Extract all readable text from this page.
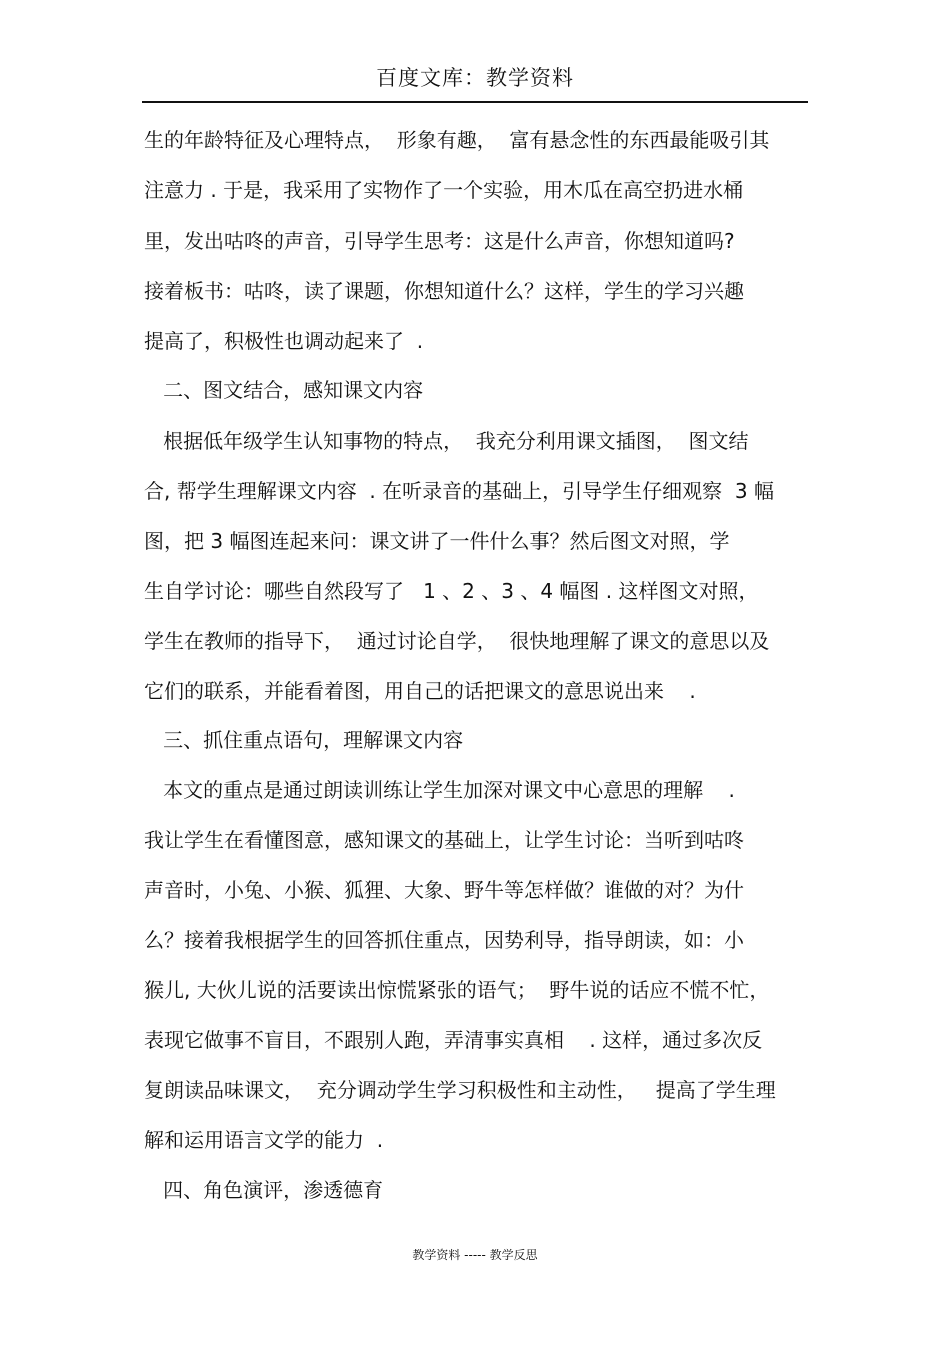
百度文库：教学资料
生的年龄特征及心理特点，  形象有趣，  富有悬念性的东西最能吸引其
注意力 . 于是，我采用了实物作了一个实验，用木瓜在高空扔进水桶
里，发出咕咚的声音，引导学生思考：这是什么声音，你想知道吗?
接着板书：咕咚，读了课题，你想知道什么？这样，学生的学习兴趣
提高了，积极性也调动起来了  .
二、图文结合，感知课文内容
根据低年级学生认知事物的特点，  我充分利用课文插图，  图文结
合, 帮学生理解课文内容  . 在听录音的基础上，引导学生仔细观察  3 幅
图，把 3 幅图连起来问：课文讲了一件什么事？然后图文对照，学
生自学讨论：哪些自然段写了   1 、2 、3 、4 幅图 . 这样图文对照，
学生在教师的指导下，  通过讨论自学，  很快地理解了课文的意思以及
它们的联系，并能看着图，用自己的话把课文的意思说出来    .
三、抓住重点语句，理解课文内容
本文的重点是通过朗读训练让学生加深对课文中心意思的理解    .
我让学生在看懂图意，感知课文的基础上，让学生讨论：当听到咕咚
声音时，小兔、小猴、狐狸、大象、野牛等怎样做？谁做的对？为什
么？接着我根据学生的回答抓住重点，因势利导，指导朗读，如：小
猴儿, 大伙儿说的活要读出惊慌紧张的语气；  野牛说的话应不慌不忙，
表现它做事不盲目，不跟别人跑，弄清事实真相    . 这样，通过多次反
复朗读品味课文，  充分调动学生学习积极性和主动性，   提高了学生理
解和运用语言文学的能力  .
四、角色演评，渗透德育
教学资料 ----- 教学反思
